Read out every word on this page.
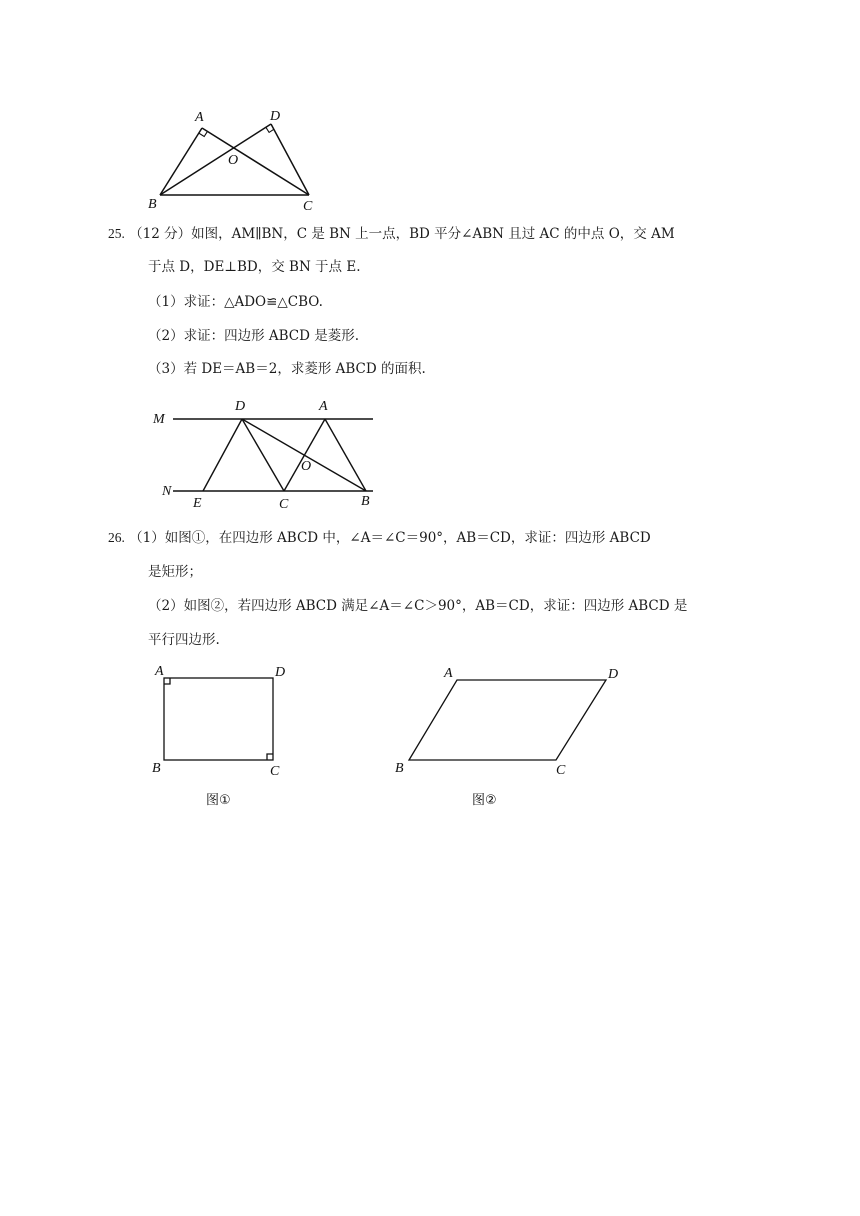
A	D
O
B	C
25. （12 分）如图，AM∥BN，C 是 BN 上一点，BD 平分∠ABN 且过 AC 的中点 O，交 AM
于点 D，DE⊥BD，交 BN 于点 E.
（1）求证：△ADO≌△CBO.
（2）求证：四边形 ABCD 是菱形.
（3）若 DE＝AB＝2，求菱形 ABCD 的面积.
M
D	A
O
N
E	C	B
26. （1）如图①，在四边形 ABCD 中，∠A＝∠C＝90°，AB＝CD，求证：四边形 ABCD
是矩形；
（2）如图②，若四边形 ABCD 满足∠A＝∠C＞90°，AB＝CD，求证：四边形 ABCD 是
平行四边形.
A	D
B	C
图①
A	D
B	C
图②
